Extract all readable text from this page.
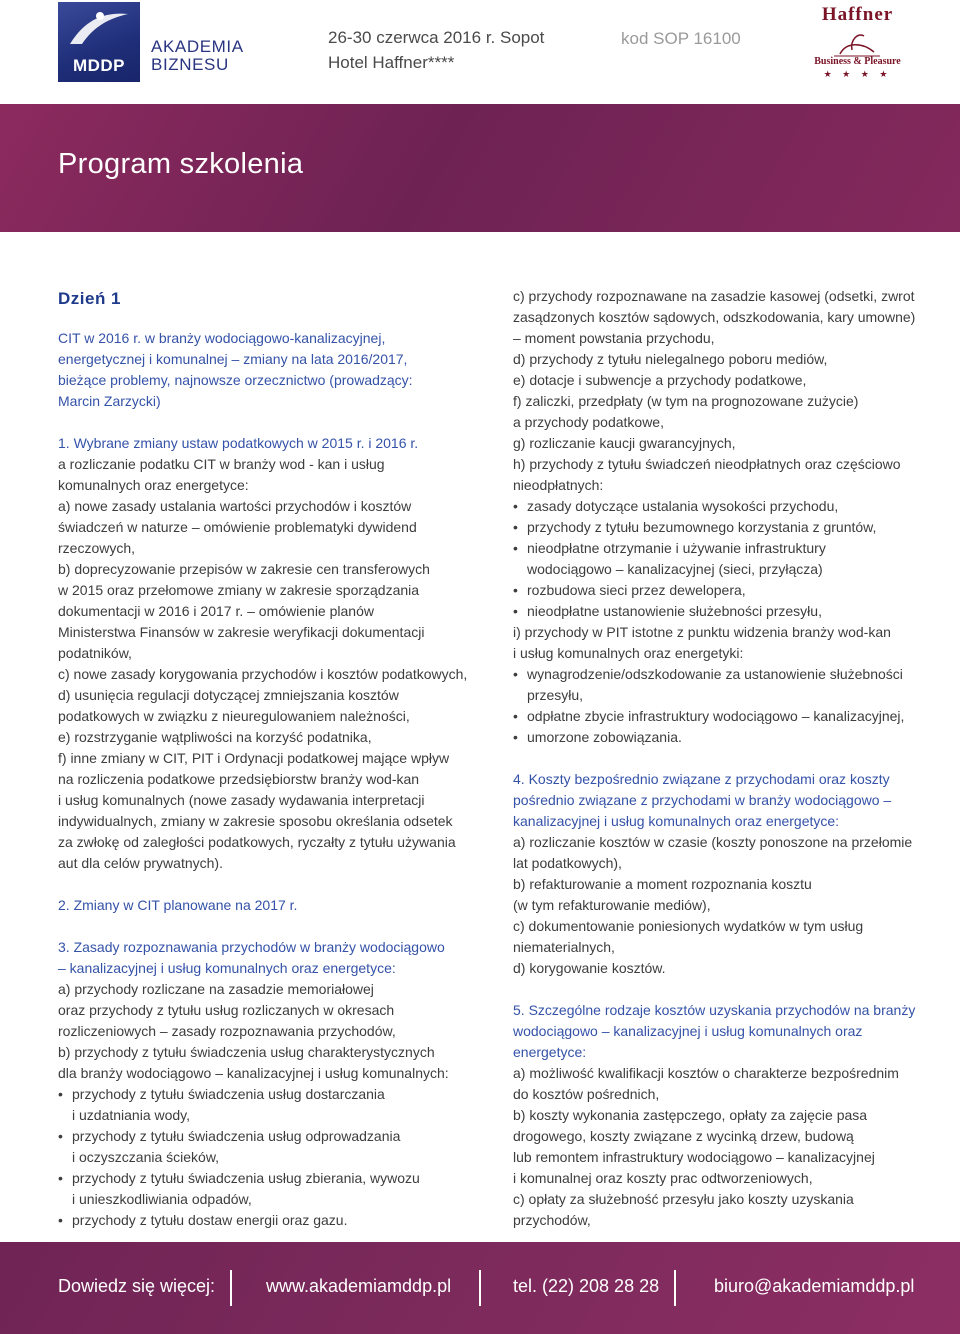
MDDP
AKADEMIA
BIZNESU
26-30 czerwca 2016 r. Sopot
Hotel Haffner****
kod SOP 16100
Haffner
Business & Pleasure
★ ★ ★ ★
Program szkolenia
Dzień 1
CIT w 2016 r. w branży wodociągowo-kanalizacyjnej,
energetycznej i komunalnej – zmiany na lata 2016/2017,
bieżące problemy, najnowsze orzecznictwo (prowadzący:
Marcin Zarzycki)
1. Wybrane zmiany ustaw podatkowych w 2015 r. i 2016 r.
a rozliczanie podatku CIT w branży wod - kan i usług
komunalnych oraz energetyce:
a) nowe zasady ustalania wartości przychodów i kosztów
świadczeń w naturze – omówienie problematyki dywidend
rzeczowych,
b) doprecyzowanie przepisów w zakresie cen transferowych
w 2015 oraz przełomowe zmiany w zakresie sporządzania
dokumentacji w 2016 i 2017 r. – omówienie planów
Ministerstwa Finansów w zakresie weryfikacji dokumentacji
podatników,
c) nowe zasady korygowania przychodów i kosztów podatkowych,
d) usunięcia regulacji dotyczącej zmniejszania kosztów
podatkowych w związku z nieuregulowaniem należności,
e) rozstrzyganie wątpliwości na korzyść podatnika,
f) inne zmiany w CIT, PIT i Ordynacji podatkowej mające wpływ
na rozliczenia podatkowe przedsiębiorstw branży wod-kan
i usług komunalnych (nowe zasady wydawania interpretacji
indywidualnych, zmiany w zakresie sposobu określania odsetek
za zwłokę od zaległości podatkowych, ryczałty z tytułu używania
aut dla celów prywatnych).
2. Zmiany w CIT planowane na 2017 r.
3. Zasady rozpoznawania przychodów w branży wodociągowo
– kanalizacyjnej i usług komunalnych oraz energetyce:
a) przychody rozliczane na zasadzie memoriałowej
oraz przychody z tytułu usług rozliczanych w okresach
rozliczeniowych – zasady rozpoznawania przychodów,
b) przychody z tytułu świadczenia usług charakterystycznych
dla branży wodociągowo – kanalizacyjnej i usług komunalnych:
• przychody z tytułu świadczenia usług dostarczania
i uzdatniania wody,
• przychody z tytułu świadczenia usług odprowadzania
i oczyszczania ścieków,
• przychody z tytułu świadczenia usług zbierania, wywozu
i unieszkodliwiania odpadów,
• przychody z tytułu dostaw energii oraz gazu.
c) przychody rozpoznawane na zasadzie kasowej (odsetki, zwrot
zasądzonych kosztów sądowych, odszkodowania, kary umowne)
– moment powstania przychodu,
d) przychody z tytułu nielegalnego poboru mediów,
e) dotacje i subwencje a przychody podatkowe,
f) zaliczki, przedpłaty (w tym na prognozowane zużycie)
a przychody podatkowe,
g) rozliczanie kaucji gwarancyjnych,
h) przychody z tytułu świadczeń nieodpłatnych oraz częściowo
nieodpłatnych:
• zasady dotyczące ustalania wysokości przychodu,
• przychody z tytułu bezumownego korzystania z gruntów,
• nieodpłatne otrzymanie i używanie infrastruktury
wodociągowo – kanalizacyjnej (sieci, przyłącza)
• rozbudowa sieci przez dewelopera,
• nieodpłatne ustanowienie służebności przesyłu,
i) przychody w PIT istotne z punktu widzenia branży wod-kan
i usług komunalnych oraz energetyki:
• wynagrodzenie/odszkodowanie za ustanowienie służebności
przesyłu,
• odpłatne zbycie infrastruktury wodociągowo – kanalizacyjnej,
• umorzone zobowiązania.
4. Koszty bezpośrednio związane z przychodami oraz koszty
pośrednio związane z przychodami w branży wodociągowo –
kanalizacyjnej i usług komunalnych oraz energetyce:
a) rozliczanie kosztów w czasie (koszty ponoszone na przełomie
lat podatkowych),
b) refakturowanie a moment rozpoznania kosztu
(w tym refakturowanie mediów),
c) dokumentowanie poniesionych wydatków w tym usług
niematerialnych,
d) korygowanie kosztów.
5. Szczególne rodzaje kosztów uzyskania przychodów na branży
wodociągowo – kanalizacyjnej i usług komunalnych oraz
energetyce:
a) możliwość kwalifikacji kosztów o charakterze bezpośrednim
do kosztów pośrednich,
b) koszty wykonania zastępczego, opłaty za zajęcie pasa
drogowego, koszty związane z wycinką drzew, budową
lub remontem infrastruktury wodociągowo – kanalizacyjnej
i komunalnej oraz koszty prac odtworzeniowych,
c) opłaty za służebność przesyłu jako koszty uzyskania
przychodów,
Dowiedz się więcej:	www.akademiamddp.pl	tel. (22) 208 28 28	biuro@akademiamddp.pl
